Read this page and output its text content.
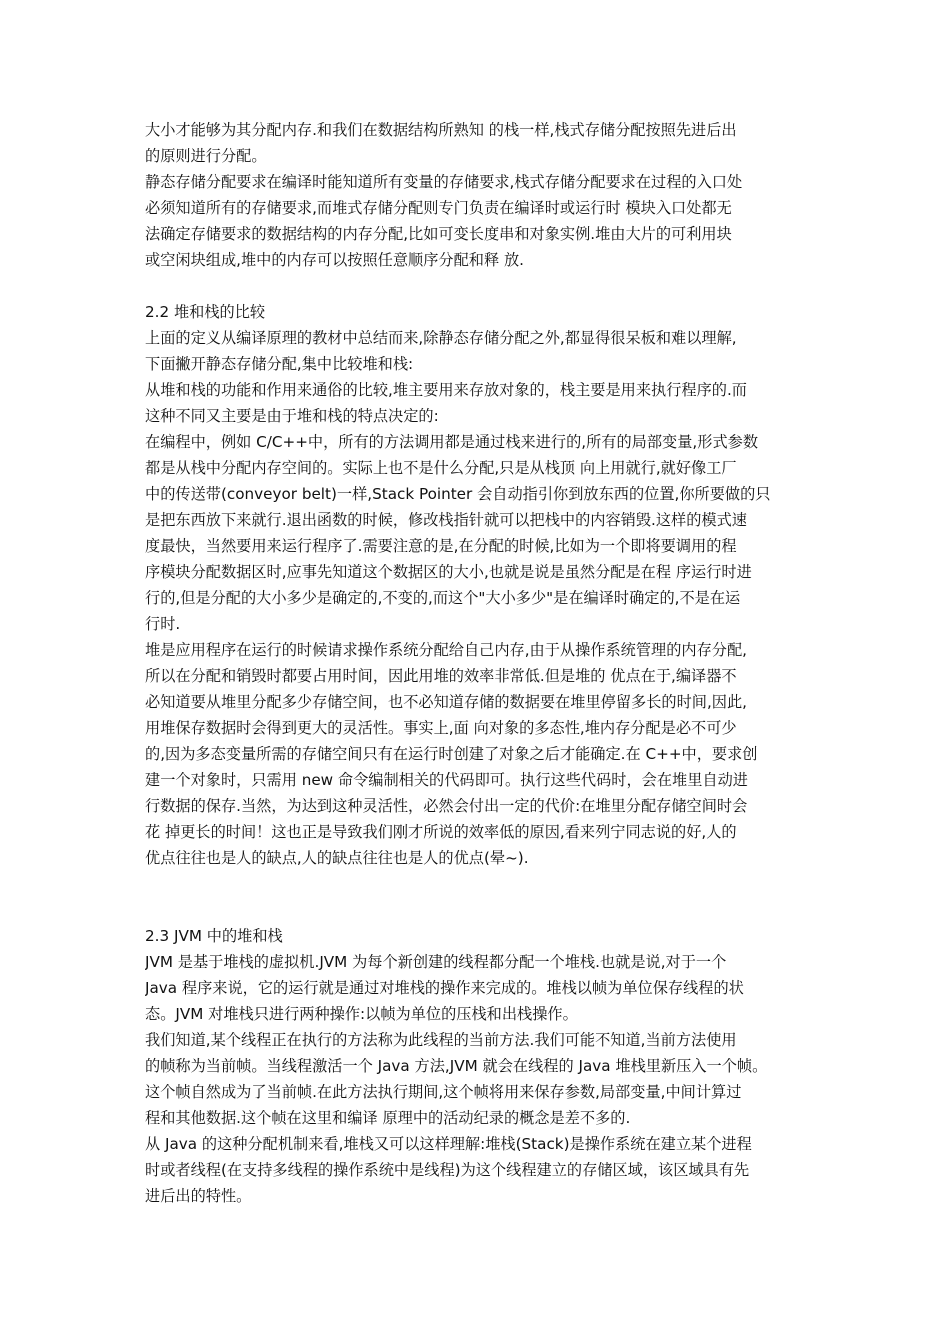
大小才能够为其分配内存.和我们在数据结构所熟知 的栈一样,栈式存储分配按照先进后出
的原则进行分配。
静态存储分配要求在编译时能知道所有变量的存储要求,栈式存储分配要求在过程的入口处
必须知道所有的存储要求,而堆式存储分配则专门负责在编译时或运行时 模块入口处都无
法确定存储要求的数据结构的内存分配,比如可变长度串和对象实例.堆由大片的可利用块
或空闲块组成,堆中的内存可以按照任意顺序分配和释 放.
2.2 堆和栈的比较
上面的定义从编译原理的教材中总结而来,除静态存储分配之外,都显得很呆板和难以理解,
下面撇开静态存储分配,集中比较堆和栈:
从堆和栈的功能和作用来通俗的比较,堆主要用来存放对象的，栈主要是用来执行程序的.而
这种不同又主要是由于堆和栈的特点决定的:
在编程中，例如 C/C++中，所有的方法调用都是通过栈来进行的,所有的局部变量,形式参数
都是从栈中分配内存空间的。实际上也不是什么分配,只是从栈顶 向上用就行,就好像工厂
中的传送带(conveyor belt)一样,Stack Pointer 会自动指引你到放东西的位置,你所要做的只
是把东西放下来就行.退出函数的时候，修改栈指针就可以把栈中的内容销毁.这样的模式速
度最快，当然要用来运行程序了.需要注意的是,在分配的时候,比如为一个即将要调用的程
序模块分配数据区时,应事先知道这个数据区的大小,也就是说是虽然分配是在程 序运行时进
行的,但是分配的大小多少是确定的,不变的,而这个"大小多少"是在编译时确定的,不是在运
行时.
堆是应用程序在运行的时候请求操作系统分配给自己内存,由于从操作系统管理的内存分配,
所以在分配和销毁时都要占用时间，因此用堆的效率非常低.但是堆的 优点在于,编译器不
必知道要从堆里分配多少存储空间，也不必知道存储的数据要在堆里停留多长的时间,因此,
用堆保存数据时会得到更大的灵活性。事实上,面 向对象的多态性,堆内存分配是必不可少
的,因为多态变量所需的存储空间只有在运行时创建了对象之后才能确定.在 C++中，要求创
建一个对象时，只需用 new 命令编制相关的代码即可。执行这些代码时，会在堆里自动进
行数据的保存.当然，为达到这种灵活性，必然会付出一定的代价:在堆里分配存储空间时会
花 掉更长的时间！这也正是导致我们刚才所说的效率低的原因,看来列宁同志说的好,人的
优点往往也是人的缺点,人的缺点往往也是人的优点(晕~).
2.3 JVM 中的堆和栈
JVM 是基于堆栈的虚拟机.JVM 为每个新创建的线程都分配一个堆栈.也就是说,对于一个
Java 程序来说，它的运行就是通过对堆栈的操作来完成的。堆栈以帧为单位保存线程的状
态。JVM 对堆栈只进行两种操作:以帧为单位的压栈和出栈操作。
我们知道,某个线程正在执行的方法称为此线程的当前方法.我们可能不知道,当前方法使用
的帧称为当前帧。当线程激活一个 Java 方法,JVM 就会在线程的 Java 堆栈里新压入一个帧。
这个帧自然成为了当前帧.在此方法执行期间,这个帧将用来保存参数,局部变量,中间计算过
程和其他数据.这个帧在这里和编译 原理中的活动纪录的概念是差不多的.
从 Java 的这种分配机制来看,堆栈又可以这样理解:堆栈(Stack)是操作系统在建立某个进程
时或者线程(在支持多线程的操作系统中是线程)为这个线程建立的存储区域，该区域具有先
进后出的特性。
